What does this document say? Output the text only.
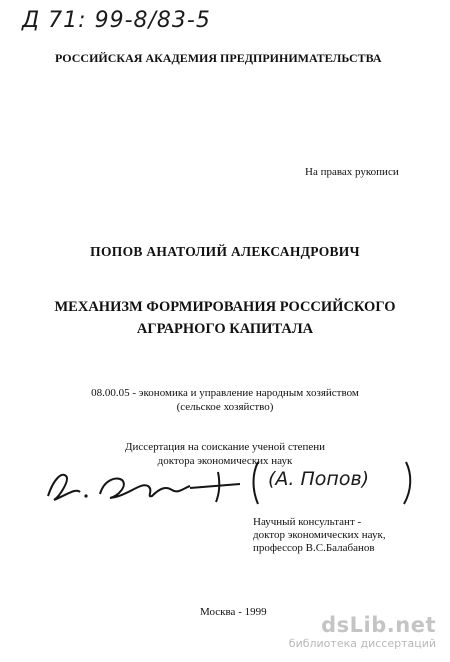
Д 71: 99-8/83-5
РОССИЙСКАЯ АКАДЕМИЯ ПРЕДПРИНИМАТЕЛЬСТВА
На правах рукописи
ПОПОВ АНАТОЛИЙ АЛЕКСАНДРОВИЧ
МЕХАНИЗМ ФОРМИРОВАНИЯ РОССИЙСКОГО
АГРАРНОГО КАПИТАЛА
08.00.05 - экономика и управление народным хозяйством
(сельское хозяйство)
Диссертация на соискание ученой степени
доктора экономических наук
(А. Попов)
Научный консультант -
доктор экономических наук,
профессор В.С.Балабанов
Москва - 1999
dsLib.net
библиотека диссертаций
